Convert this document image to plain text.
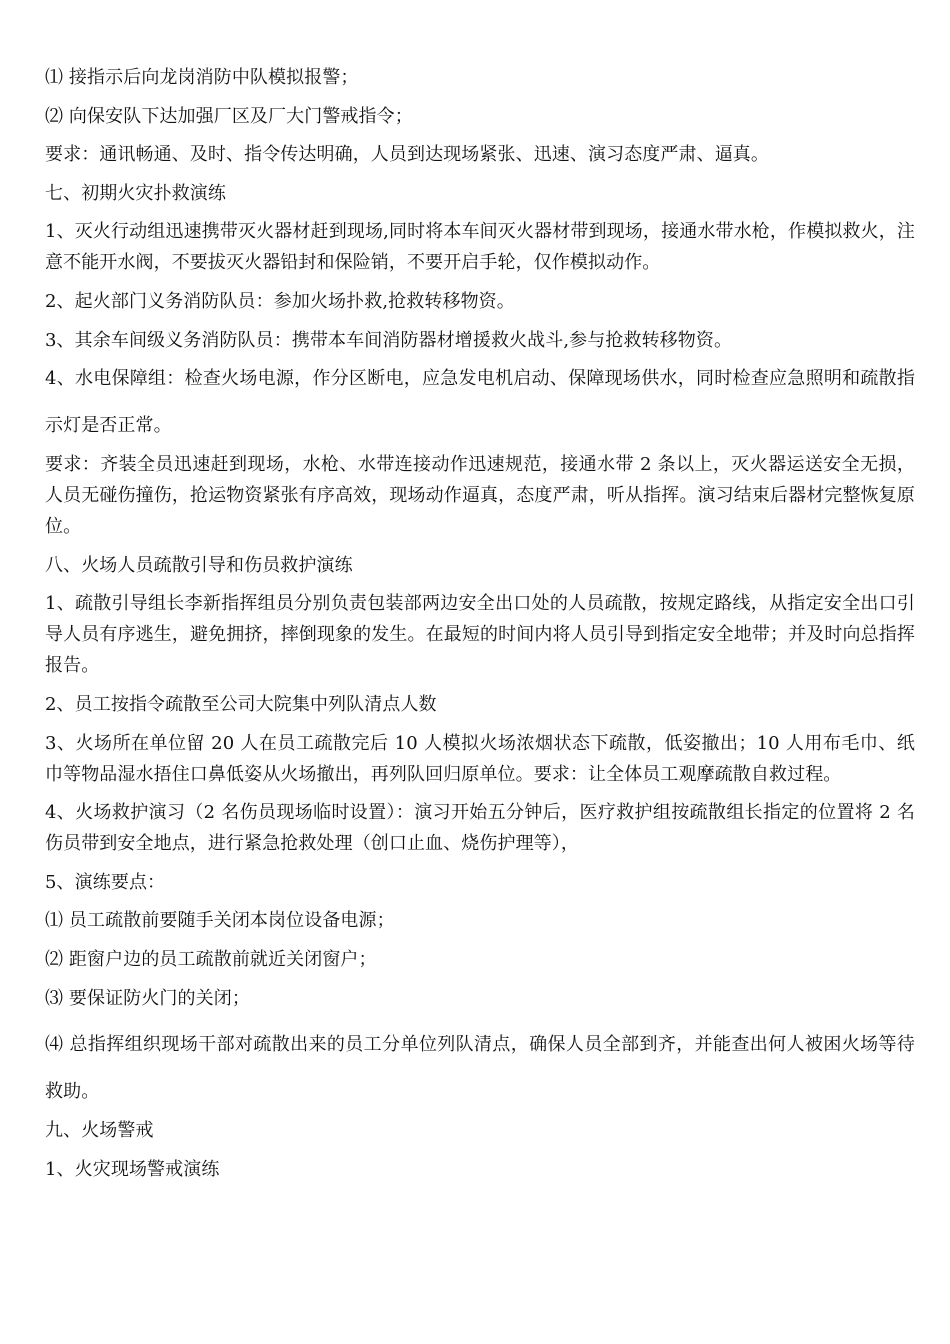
⑴ 接指示后向龙岗消防中队模拟报警；

⑵ 向保安队下达加强厂区及厂大门警戒指令；

要求：通讯畅通、及时、指令传达明确，人员到达现场紧张、迅速、演习态度严肃、逼真。

七、初期火灾扑救演练

1、灭火行动组迅速携带灭火器材赶到现场,同时将本车间灭火器材带到现场，接通水带水枪，作模拟救火，注意不能开水阀，不要拔灭火器铅封和保险销，不要开启手轮，仅作模拟动作。

2、起火部门义务消防队员：参加火场扑救,抢救转移物资。

3、其余车间级义务消防队员：携带本车间消防器材增援救火战斗,参与抢救转移物资。

4、水电保障组：检查火场电源，作分区断电，应急发电机启动、保障现场供水，同时检查应急照明和疏散指示灯是否正常。

要求：齐装全员迅速赶到现场，水枪、水带连接动作迅速规范，接通水带 2 条以上，灭火器运送安全无损，人员无碰伤撞伤，抢运物资紧张有序高效，现场动作逼真，态度严肃，听从指挥。演习结束后器材完整恢复原位。

八、火场人员疏散引导和伤员救护演练

1、疏散引导组长李新指挥组员分别负责包装部两边安全出口处的人员疏散，按规定路线，从指定安全出口引导人员有序逃生，避免拥挤，摔倒现象的发生。在最短的时间内将人员引导到指定安全地带；并及时向总指挥报告。

2、员工按指令疏散至公司大院集中列队清点人数

3、火场所在单位留 20 人在员工疏散完后 10 人模拟火场浓烟状态下疏散，低姿撤出；10 人用布毛巾、纸巾等物品湿水捂住口鼻低姿从火场撤出，再列队回归原单位。要求：让全体员工观摩疏散自救过程。

4、火场救护演习（2 名伤员现场临时设置）：演习开始五分钟后，医疗救护组按疏散组长指定的位置将 2 名伤员带到安全地点，进行紧急抢救处理（创口止血、烧伤护理等），

5、演练要点：

⑴ 员工疏散前要随手关闭本岗位设备电源；

⑵ 距窗户边的员工疏散前就近关闭窗户；

⑶ 要保证防火门的关闭；

⑷ 总指挥组织现场干部对疏散出来的员工分单位列队清点，确保人员全部到齐，并能查出何人被困火场等待救助。

九、火场警戒

1、火灾现场警戒演练
